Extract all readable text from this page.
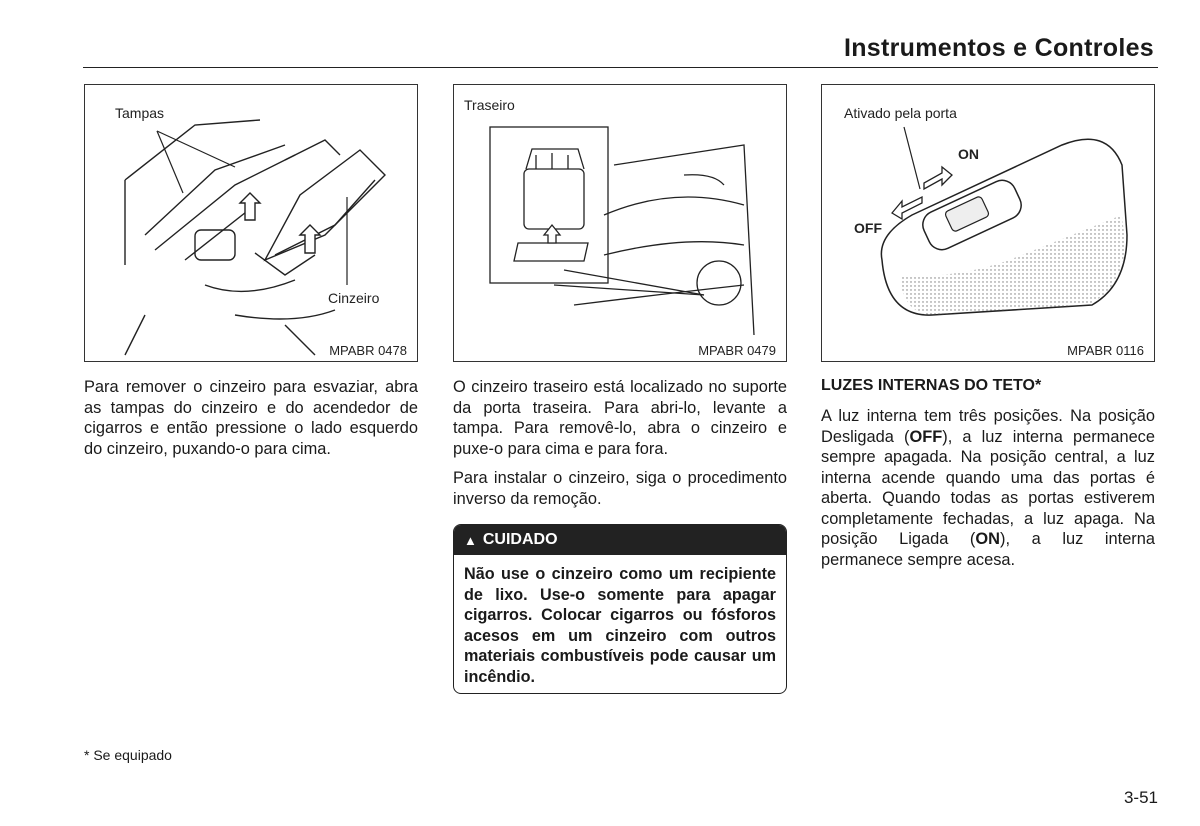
Instrumentos e Controles
Tampas
Cinzeiro
MPABR 0478
Traseiro
MPABR 0479
Ativado pela porta
ON
OFF
MPABR 0116

Para remover o cinzeiro para esvaziar, abra as tampas do cinzeiro e do acendedor de cigarros e então pressione o lado esquerdo do cinzeiro, puxando-o para cima.

O cinzeiro traseiro está localizado no suporte da porta traseira. Para abri-lo, levante a tampa. Para removê-lo, abra o cinzeiro e puxe-o para cima e para fora.

Para instalar o cinzeiro, siga o procedimento inverso da remoção.

▲ CUIDADO

Não use o cinzeiro como um recipiente de lixo. Use-o somente para apagar cigarros. Colocar cigarros ou fósforos acesos em um cinzeiro com outros materiais combustíveis pode causar um incêndio.

LUZES INTERNAS DO TETO*

A luz interna tem três posições. Na posição Desligada (OFF), a luz interna permanece sempre apagada. Na posição central, a luz interna acende quando uma das portas é aberta. Quando todas as portas estiverem completamente fechadas, a luz apaga. Na posição Ligada (ON), a luz interna permanece sempre acesa.

* Se equipado
3-51
